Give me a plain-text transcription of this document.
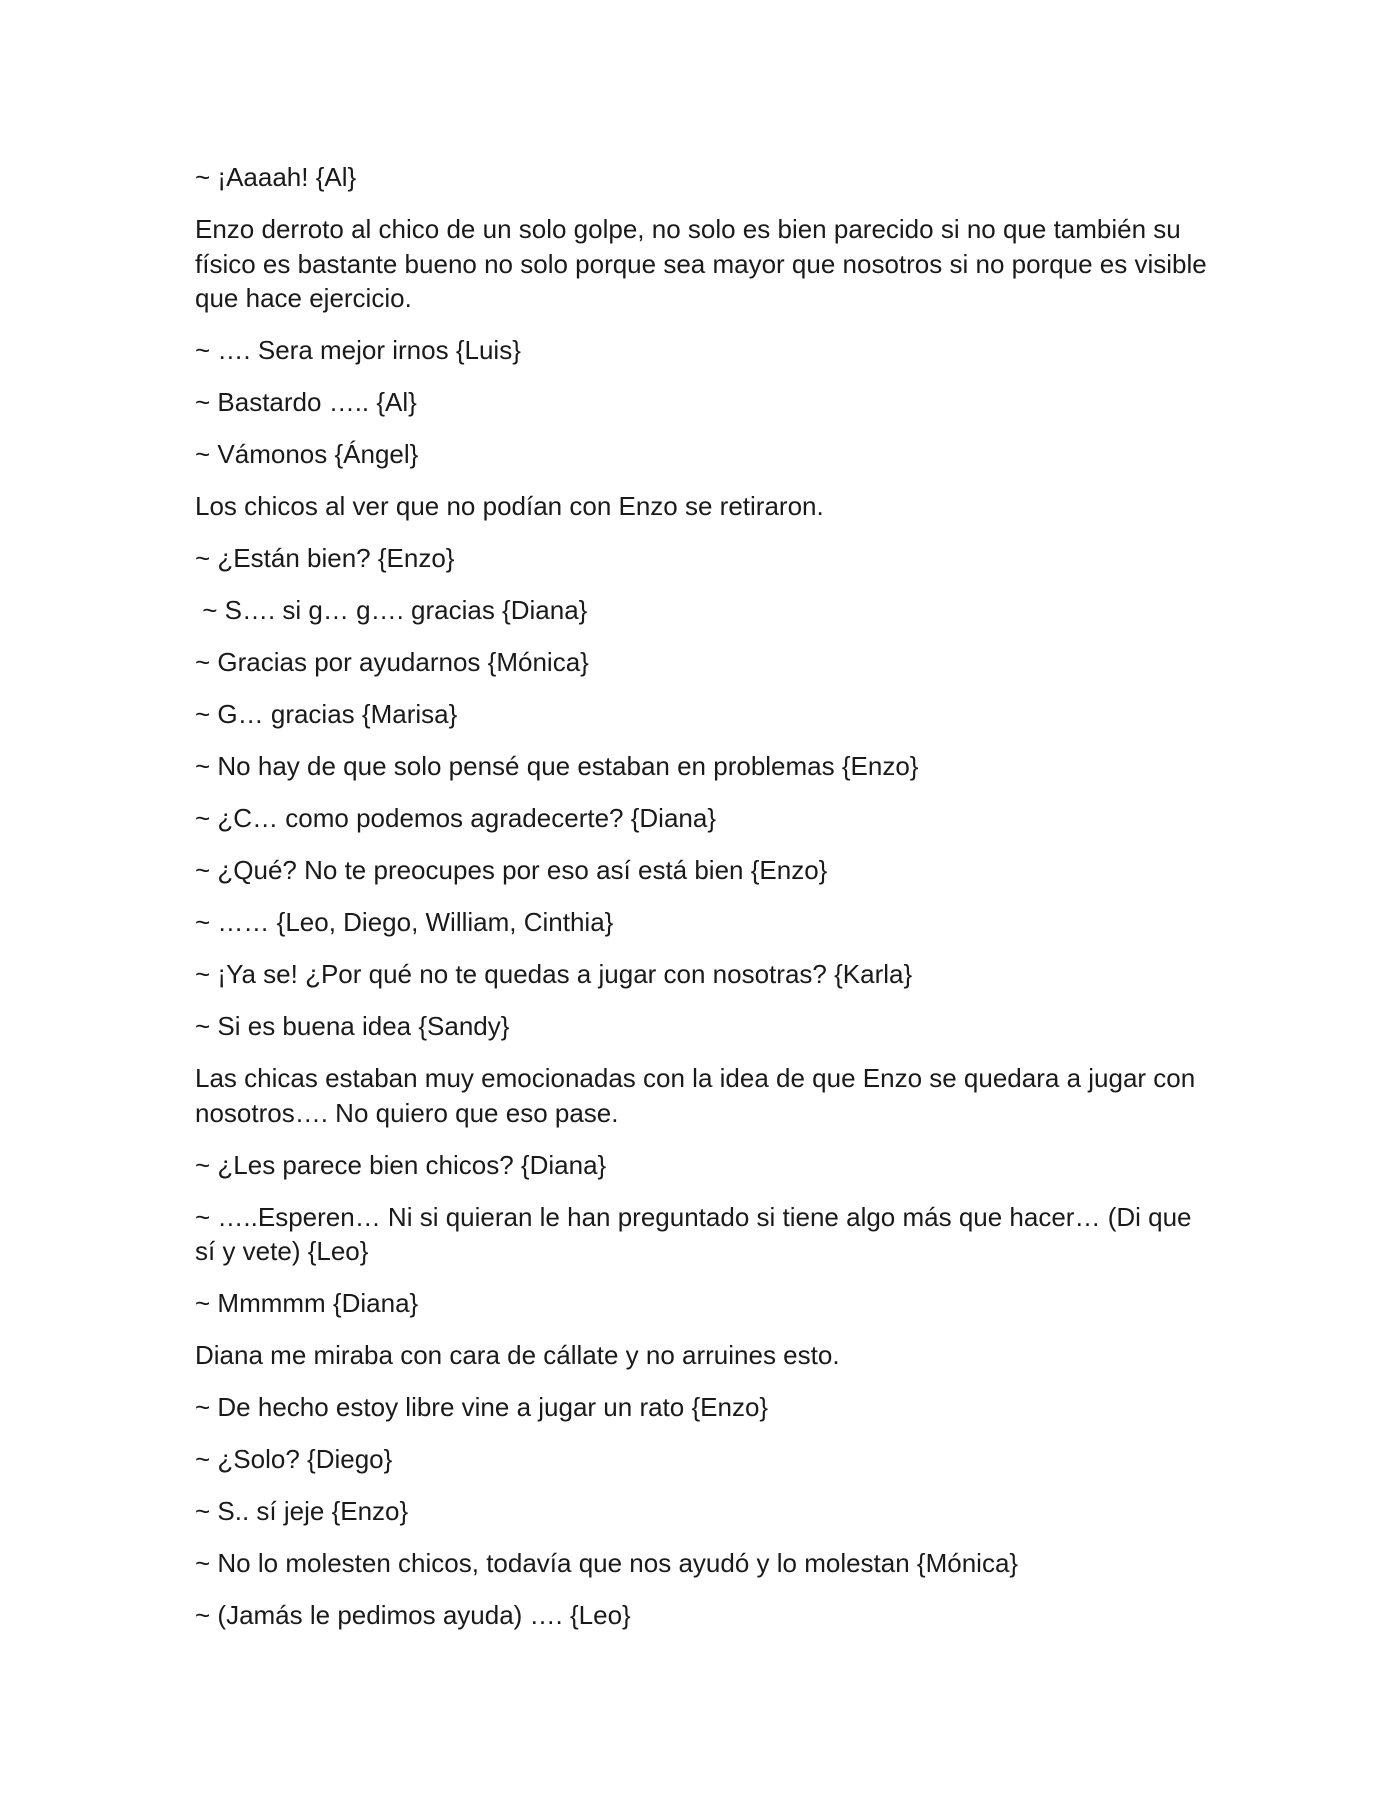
~ ¡Aaaah! {Al}

Enzo derroto al chico de un solo golpe, no solo es bien parecido si no que también su físico es bastante bueno no solo porque sea mayor que nosotros si no porque es visible que hace ejercicio.

~ …. Sera mejor irnos {Luis}

~ Bastardo ….. {Al}

~ Vámonos {Ángel}

Los chicos al ver que no podían con Enzo se retiraron.

~ ¿Están bien? {Enzo}

~ S…. si g… g…. gracias {Diana}

~ Gracias por ayudarnos {Mónica}

~ G… gracias {Marisa}

~ No hay de que solo pensé que estaban en problemas {Enzo}

~ ¿C… como podemos agradecerte? {Diana}

~ ¿Qué? No te preocupes por eso así está bien {Enzo}

~ …… {Leo, Diego, William, Cinthia}

~ ¡Ya se! ¿Por qué no te quedas a jugar con nosotras? {Karla}

~ Si es buena idea {Sandy}

Las chicas estaban muy emocionadas con la idea de que Enzo se quedara a jugar con nosotros…. No quiero que eso pase.

~ ¿Les parece bien chicos? {Diana}

~ …..Esperen… Ni si quieran le han preguntado si tiene algo más que hacer… (Di que sí y vete) {Leo}

~ Mmmmm {Diana}

Diana me miraba con cara de cállate y no arruines esto.

~ De hecho estoy libre vine a jugar un rato {Enzo}

~ ¿Solo? {Diego}

~ S.. sí jeje {Enzo}

~ No lo molesten chicos, todavía que nos ayudó y lo molestan {Mónica}

~ (Jamás le pedimos ayuda) …. {Leo}
